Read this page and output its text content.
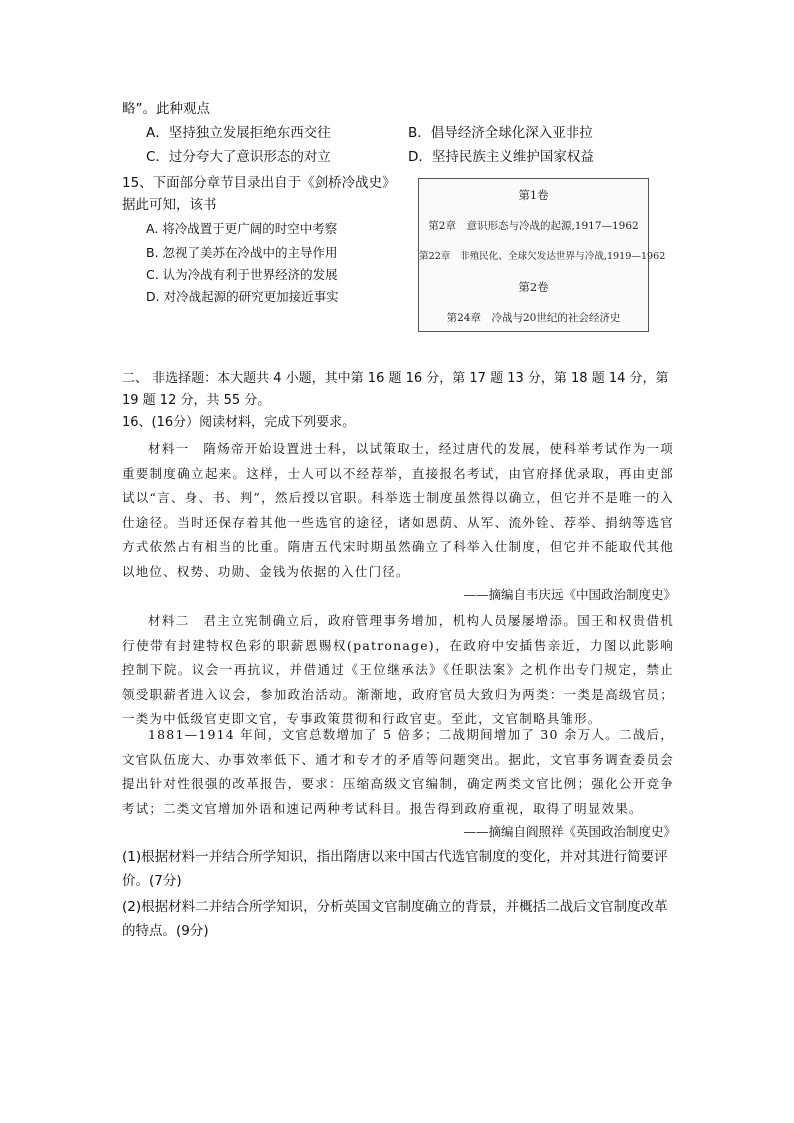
略”。此种观点
A．坚持独立发展拒绝东西交往	B．倡导经济全球化深入亚非拉
C．过分夸大了意识形态的对立	D．坚持民族主义维护国家权益
15、下面部分章节目录出自于《剑桥冷战史》
据此可知，该书
A. 将冷战置于更广阔的时空中考察
B. 忽视了美苏在冷战中的主导作用
C. 认为冷战有利于世界经济的发展
D. 对冷战起源的研究更加接近事实
第1卷
第2章　意识形态与冷战的起源,1917—1962
第22章　非殖民化、全球欠发达世界与冷战,1919—1962
第2卷
第24章　冷战与20世纪的社会经济史
二、 非选择题：本大题共 4 小题，其中第 16 题 16 分，第 17 题 13 分，第 18 题 14 分，第
19 题 12 分，共 55 分。
16、(16分）阅读材料，完成下列要求。
材料一　隋炀帝开始设置进士科，以试策取士，经过唐代的发展，使科举考试作为一项重要制度确立起来。这样，士人可以不经荐举，直接报名考试，由官府择优录取，再由吏部试以“言、身、书、判”，然后授以官职。科举选士制度虽然得以确立，但它并不是唯一的入仕途径。当时还保存着其他一些选官的途径，诸如恩荫、从军、流外铨、荐举、捐纳等选官方式依然占有相当的比重。隋唐五代宋时期虽然确立了科举入仕制度，但它并不能取代其他以地位、权势、功勋、金钱为依据的入仕门径。
——摘编自韦庆远《中国政治制度史》
材料二　君主立宪制确立后，政府管理事务增加，机构人员屡屡增添。国王和权贵借机行使带有封建特权色彩的职薪恩赐权(patronage)，在政府中安插售亲近，力图以此影响控制下院。议会一再抗议，并借通过《王位继承法》《任职法案》之机作出专门规定，禁止领受职薪者进入议会，参加政治活动。渐渐地，政府官员大致归为两类：一类是高级官员；一类为中低级官吏即文官，专事政策贯彻和行政官吏。至此，文官制略具雏形。
1881—1914 年间，文官总数增加了 5 倍多；二战期间增加了 30 余万人。二战后，文官队伍庞大、办事效率低下、通才和专才的矛盾等问题突出。据此，文官事务调查委员会提出针对性很强的改革报告，要求：压缩高级文官编制，确定两类文官比例；强化公开竞争考试；二类文官增加外语和速记两种考试科目。报告得到政府重视，取得了明显效果。
——摘编自阎照祥《英国政治制度史》
(1)根据材料一并结合所学知识，指出隋唐以来中国古代选官制度的变化，并对其进行简要评价。(7分)
(2)根据材料二并结合所学知识，分析英国文官制度确立的背景，并概括二战后文官制度改革的特点。(9分)
